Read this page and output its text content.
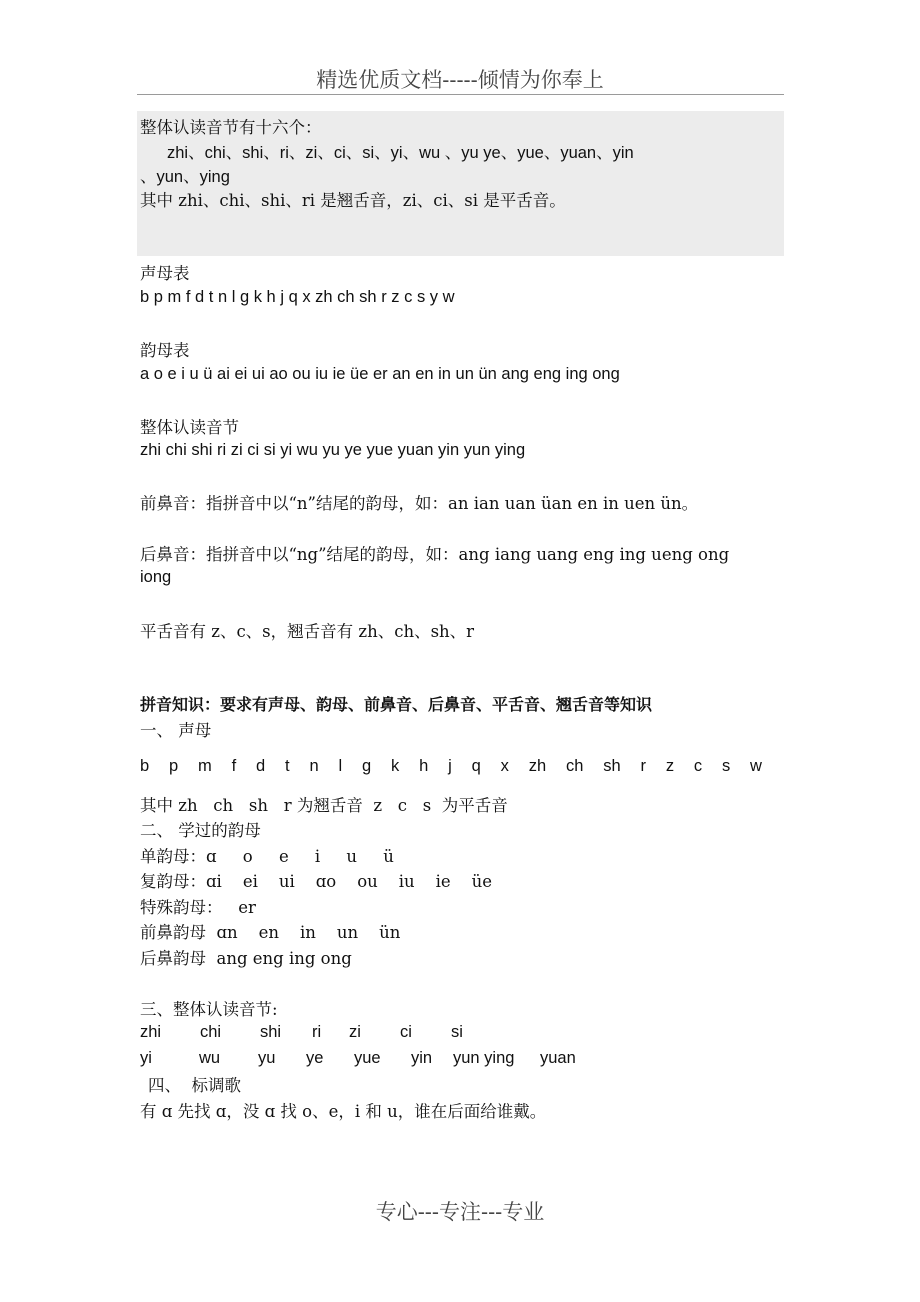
精选优质文档-----倾情为你奉上
整体认读音节有十六个：
zhi、chi、shi、ri、zi、ci、si、yi、wu 、yu ye、yue、yuan、yin
、yun、ying
其中 zhi、chi、shi、ri 是翘舌音，zi、ci、si 是平舌音。
声母表
b p m f d t n l g k h j q x zh ch sh r z c s y w
韵母表
a o e i u ü ai ei ui ao ou iu ie üe er an en in un ün ang eng ing ong
整体认读音节
zhi chi shi ri zi ci si yi wu yu ye yue yuan yin yun ying
前鼻音：指拼音中以“n”结尾的韵母，如：an ian uan üan en in uen ün。
后鼻音：指拼音中以“ng”结尾的韵母，如：ang iang uang eng ing ueng ong
iong
平舌音有 z、c、s，翘舌音有 zh、ch、sh、r
拼音知识：要求有声母、韵母、前鼻音、后鼻音、平舌音、翘舌音等知识
一、 声母
b p m f d t n l g k h j q x zh ch sh r z c s w
其中 zh   ch   sh   r 为翘舌音  z   c   s  为平舌音
二、 学过的韵母
单韵母：ɑ     o     e     i     u     ü
复韵母：ɑi    ei    ui    ɑo    ou    iu    ie    üe
特殊韵母：   er
前鼻韵母  ɑn    en    in    un    ün
后鼻韵母  ang eng ing ong
三、整体认读音节:
zhi	chi	shi	ri	zi	ci	si
yi	wu	yu	ye	yue	yin	yun ying	yuan
四、  标调歌
有 ɑ 先找 ɑ，没 ɑ 找 o、e，i 和 u，谁在后面给谁戴。
专心---专注---专业
